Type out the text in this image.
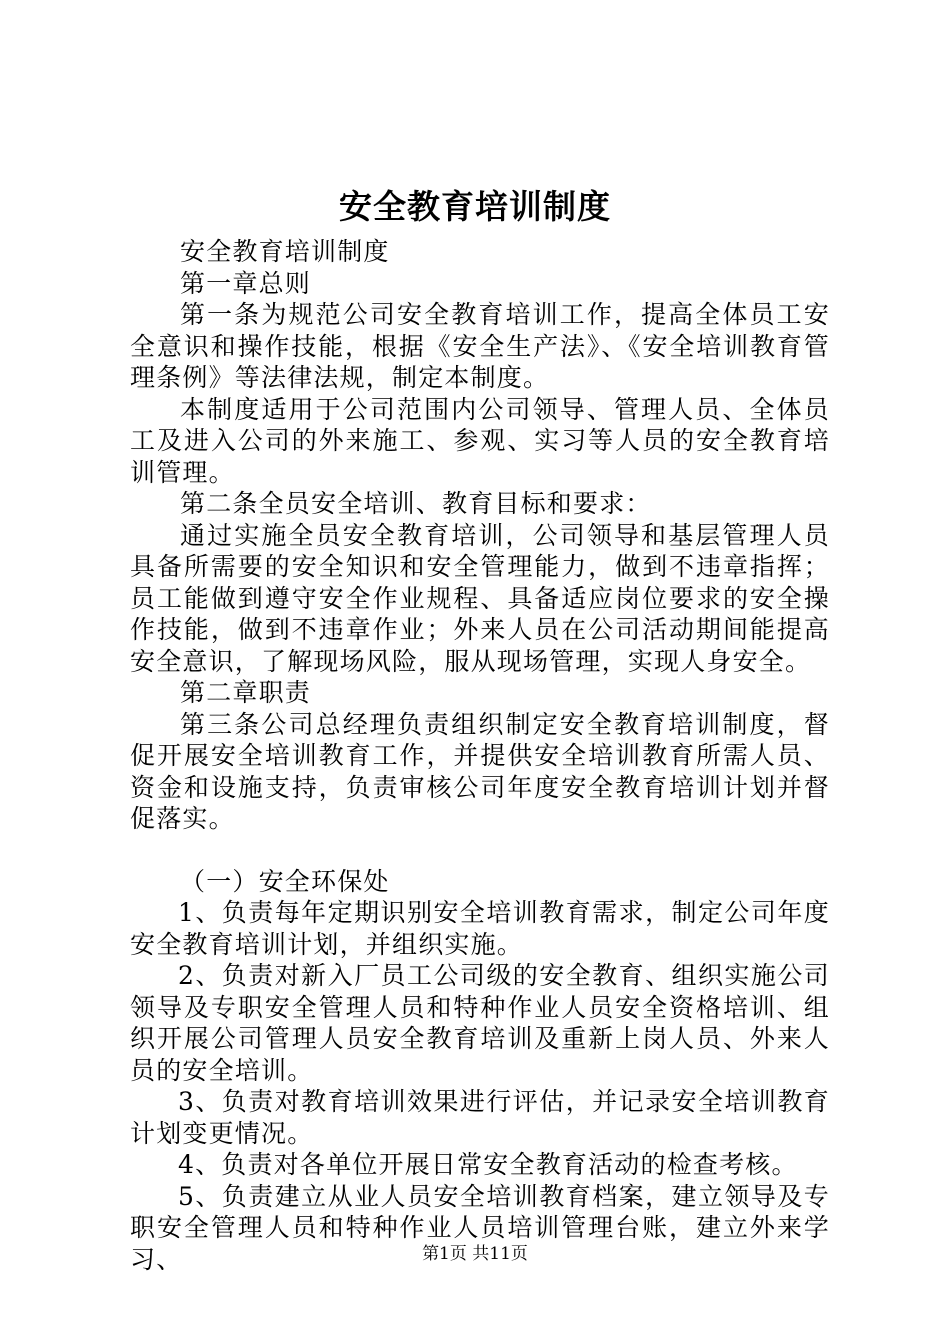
安全教育培训制度

安全教育培训制度

第一章总则

第一条为规范公司安全教育培训工作，提高全体员工安全意识和操作技能，根据《安全生产法》、《安全培训教育管理条例》等法律法规，制定本制度。

本制度适用于公司范围内公司领导、管理人员、全体员工及进入公司的外来施工、参观、实习等人员的安全教育培训管理。

第二条全员安全培训、教育目标和要求：

通过实施全员安全教育培训，公司领导和基层管理人员具备所需要的安全知识和安全管理能力，做到不违章指挥；员工能做到遵守安全作业规程、具备适应岗位要求的安全操作技能，做到不违章作业；外来人员在公司活动期间能提高安全意识，了解现场风险，服从现场管理，实现人身安全。

第二章职责

第三条公司总经理负责组织制定安全教育培训制度，督促开展安全培训教育工作，并提供安全培训教育所需人员、资金和设施支持，负责审核公司年度安全教育培训计划并督促落实。

（一）安全环保处

1、负责每年定期识别安全培训教育需求，制定公司年度安全教育培训计划，并组织实施。

2、负责对新入厂员工公司级的安全教育、组织实施公司领导及专职安全管理人员和特种作业人员安全资格培训、组织开展公司管理人员安全教育培训及重新上岗人员、外来人员的安全培训。

3、负责对教育培训效果进行评估，并记录安全培训教育计划变更情况。

4、负责对各单位开展日常安全教育活动的检查考核。

5、负责建立从业人员安全培训教育档案，建立领导及专职安全管理人员和特种作业人员培训管理台账，建立外来学习、	第1页 共11页
